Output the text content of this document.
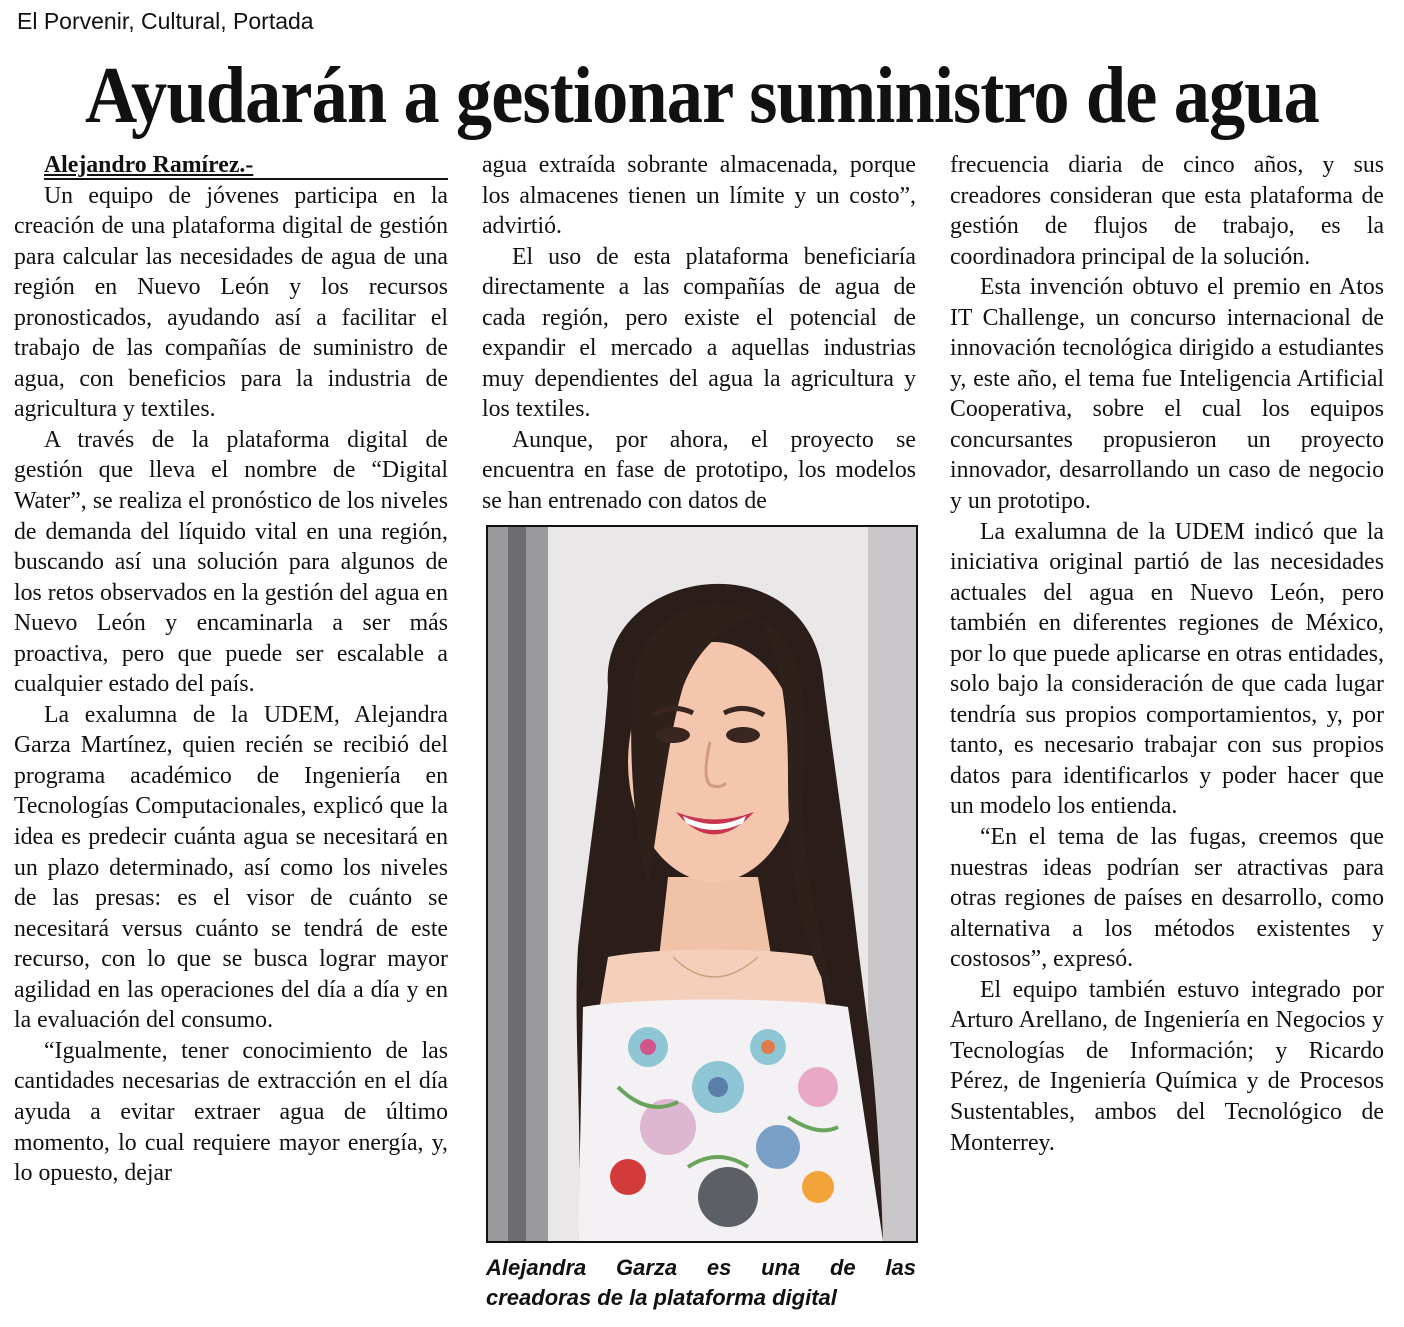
El Porvenir, Cultural, Portada
Ayudarán a gestionar suministro de agua

Alejandro Ramírez.-

Un equipo de jóvenes participa en la creación de una plataforma digital de gestión para calcular las necesidades de agua de una región en Nuevo León y los recursos pronosticados, ayudando así a facilitar el trabajo de las compañías de suministro de agua, con beneficios para la industria de agricultura y textiles.

A través de la plataforma digital de gestión que lleva el nombre de “Digital Water”, se realiza el pronóstico de los niveles de demanda del líquido vital en una región, buscando así una solución para algunos de los retos observados en la gestión del agua en Nuevo León y encaminarla a ser más proactiva, pero que puede ser escalable a cualquier estado del país.

La exalumna de la UDEM, Alejandra Garza Martínez, quien recién se recibió del programa académico de Ingeniería en Tecnologías Computacionales, explicó que la idea es predecir cuánta agua se necesitará en un plazo determinado, así como los niveles de las presas: es el visor de cuánto se necesitará versus cuánto se tendrá de este recurso, con lo que se busca lograr mayor agilidad en las operaciones del día a día y en la evaluación del consumo.

“Igualmente, tener conocimiento de las cantidades necesarias de extracción en el día ayuda a evitar extraer agua de último momento, lo cual requiere mayor energía, y, lo opuesto, dejar

agua extraída sobrante almacenada, porque los almacenes tienen un límite y un costo”, advirtió.

El uso de esta plataforma beneficiaría directamente a las compañías de agua de cada región, pero existe el potencial de expandir el mercado a aquellas industrias muy dependientes del agua la agricultura y los textiles.

Aunque, por ahora, el proyecto se encuentra en fase de prototipo, los modelos se han entrenado con datos de

Alejandra Garza es una de las
creadoras de la plataforma digital

frecuencia diaria de cinco años, y sus creadores consideran que esta plataforma de gestión de flujos de trabajo, es la coordinadora principal de la solución.

Esta invención obtuvo el premio en Atos IT Challenge, un concurso internacional de innovación tecnológica dirigido a estudiantes y, este año, el tema fue Inteligencia Artificial Cooperativa, sobre el cual los equipos concursantes propusieron un proyecto innovador, desarrollando un caso de negocio y un prototipo.

La exalumna de la UDEM indicó que la iniciativa original partió de las necesidades actuales del agua en Nuevo León, pero también en diferentes regiones de México, por lo que puede aplicarse en otras entidades, solo bajo la consideración de que cada lugar tendría sus propios comportamientos, y, por tanto, es necesario trabajar con sus propios datos para identificarlos y poder hacer que un modelo los entienda.

“En el tema de las fugas, creemos que nuestras ideas podrían ser atractivas para otras regiones de países en desarrollo, como alternativa a los métodos existentes y costosos”, expresó.

El equipo también estuvo integrado por Arturo Arellano, de Ingeniería en Negocios y Tecnologías de Información; y Ricardo Pérez, de Ingeniería Química y de Procesos Sustentables, ambos del Tecnológico de Monterrey.
